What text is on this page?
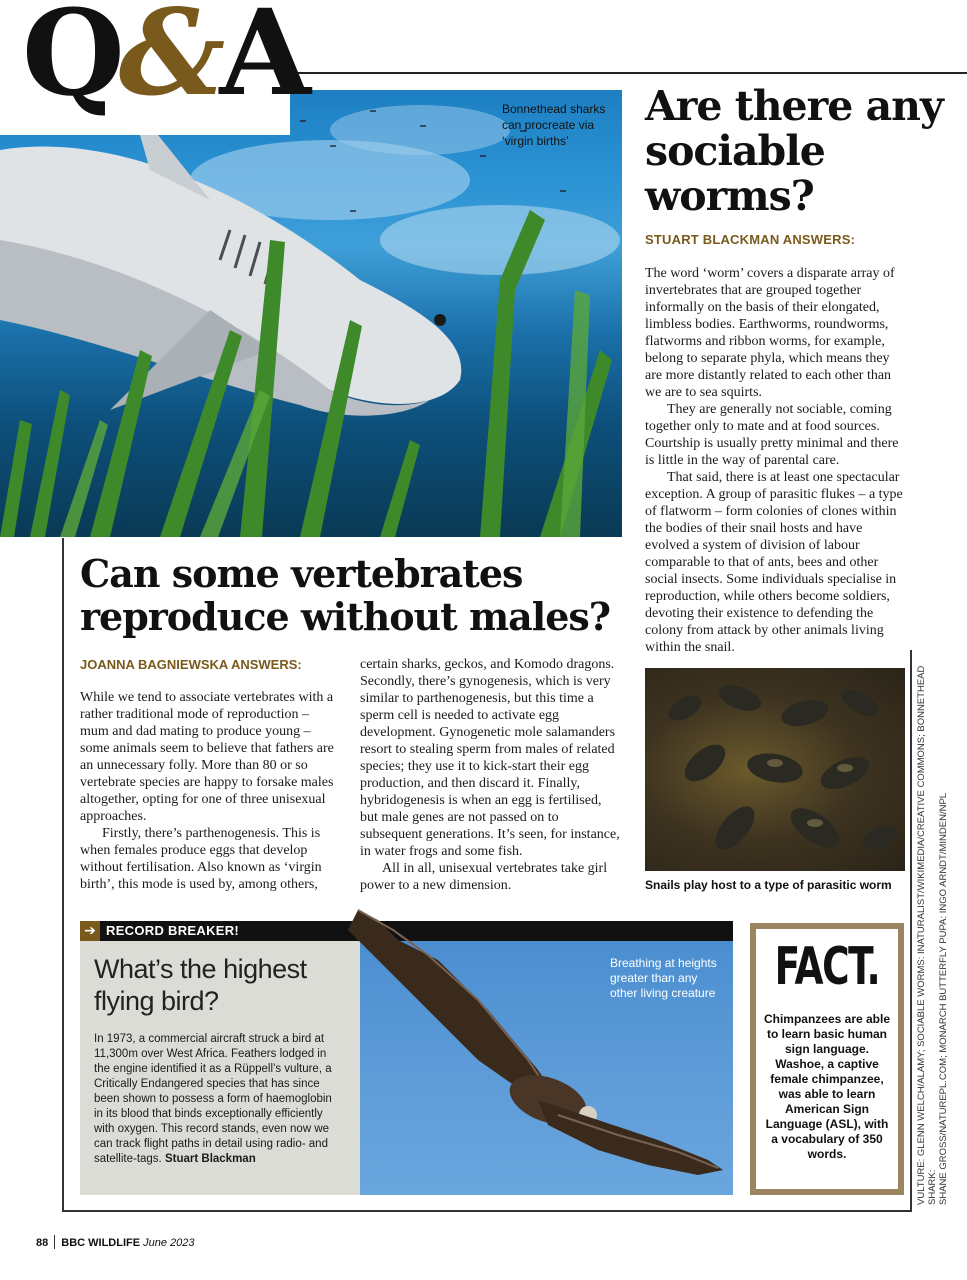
Q&A	Bonnethead sharks can procreate via ‘virgin births’
Are there any sociable worms?
STUART BLACKMAN ANSWERS:

The word ‘worm’ covers a disparate array of invertebrates that are grouped together informally on the basis of their elongated, limbless bodies. Earthworms, roundworms, flatworms and ribbon worms, for example, belong to separate phyla, which means they are more distantly related to each other than we are to sea squirts.

They are generally not sociable, coming together only to mate and at food sources. Courtship is usually pretty minimal and there is little in the way of parental care.

That said, there is at least one spectacular exception. A group of parasitic flukes – a type of flatworm – form colonies of clones within the bodies of their snail hosts and have evolved a system of division of labour comparable to that of ants, bees and other social insects. Some individuals specialise in reproduction, while others become soldiers, devoting their existence to defending the colony from attack by other animals living within the snail.

Snails play host to a type of parasitic worm
Can some vertebrates reproduce without males?
JOANNA BAGNIEWSKA ANSWERS:

While we tend to associate vertebrates with a rather traditional mode of reproduction – mum and dad mating to produce young – some animals seem to believe that fathers are an unnecessary folly. More than 80 or so vertebrate species are happy to forsake males altogether, opting for one of three unisexual approaches.

Firstly, there’s parthenogenesis. This is when females produce eggs that develop without fertilisation. Also known as ‘virgin birth’, this mode is used by, among others,

certain sharks, geckos, and Komodo dragons. Secondly, there’s gynogenesis, which is very similar to parthenogenesis, but this time a sperm cell is needed to activate egg development. Gynogenetic mole salamanders resort to stealing sperm from males of related species; they use it to kick-start their egg production, and then discard it. Finally, hybridogenesis is when an egg is fertilised, but male genes are not passed on to subsequent generations. It’s seen, for instance, in water frogs and some fish.

All in all, unisexual vertebrates take girl power to a new dimension.

➔ RECORD BREAKER!
What’s the highest flying bird?
In 1973, a commercial aircraft struck a bird at 11,300m over West Africa. Feathers lodged in the engine identified it as a Rüppell’s vulture, a Critically Endangered species that has since been shown to possess a form of haemoglobin in its blood that binds exceptionally efficiently with oxygen. This record stands, even now we can track flight paths in detail using radio- and satellite-tags. Stuart Blackman
Breathing at heights greater than any other living creature FACT.
Chimpanzees are able to learn basic human sign language. Washoe, a captive female chimpanzee, was able to learn American Sign Language (ASL), with a vocabulary of 350 words.	VULTURE: GLENN WELCH/ALAMY; SOCIABLE WORMS: INATURALIST/WIKIMEDIA/CREATIVE COMMONS; BONNETHEAD SHARK: SHANE GROSS/NATUREPL.COM; MONARCH BUTTERFLY PUPA: INGO ARNDT/MINDEN/NPL
88 BBC WILDLIFE June 2023
